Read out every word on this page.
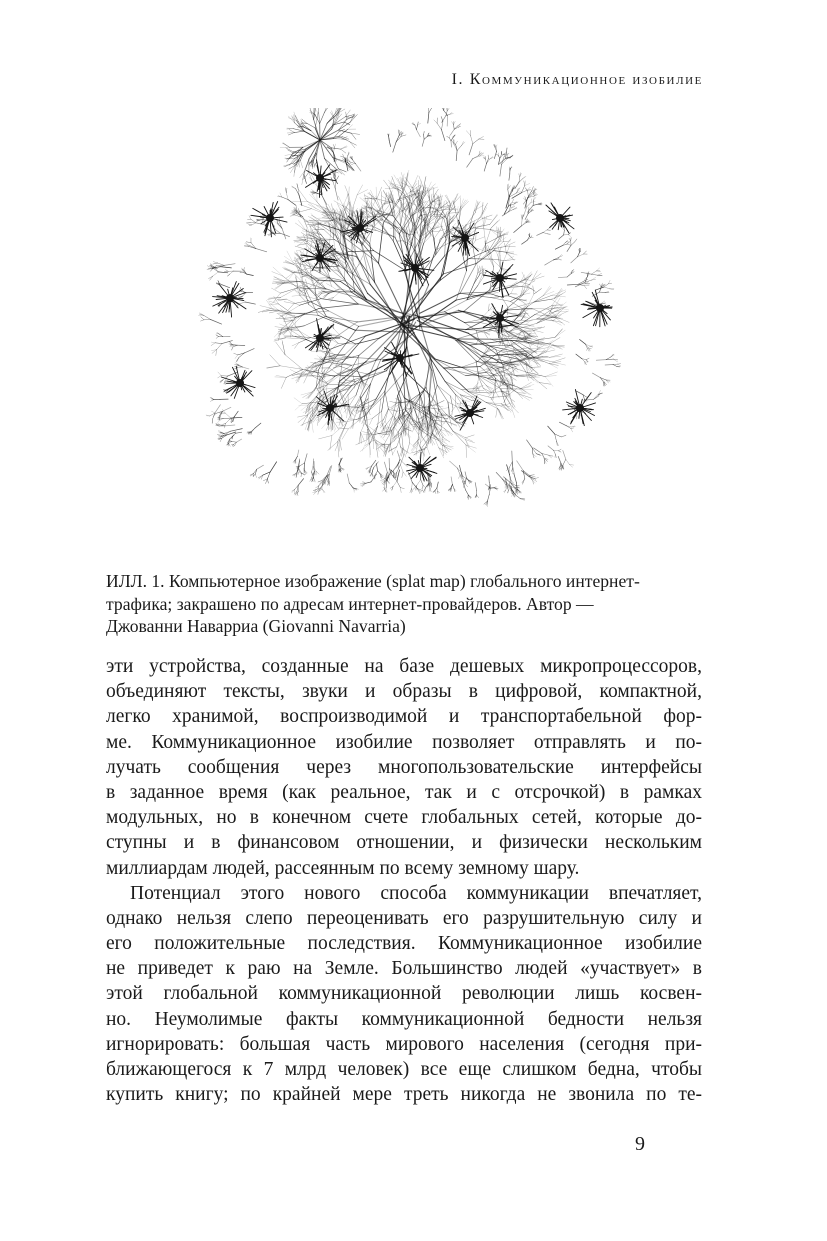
I. Коммуникационное изобилие

ИЛЛ. 1. Компьютерное изображение (splat map) глобального интернет-

трафика; закрашено по адресам интернет-провайдеров. Автор —

Джованни Наварриа (Giovanni Navarria)

эти устройства, созданные на базе дешевых микропроцессоров,

объединяют тексты, звуки и образы в цифровой, компактной,

легко хранимой, воспроизводимой и транспортабельной фор-

ме. Коммуникационное изобилие позволяет отправлять и по-

лучать сообщения через многопользовательские интерфейсы

в заданное время (как реальное, так и с отсрочкой) в рамках

модульных, но в конечном счете глобальных сетей, которые до-

ступны и в финансовом отношении, и физически нескольким

миллиардам людей, рассеянным по всему земному шару.

Потенциал этого нового способа коммуникации впечатляет,

однако нельзя слепо переоценивать его разрушительную силу и

его положительные последствия. Коммуникационное изобилие

не приведет к раю на Земле. Большинство людей «участвует» в

этой глобальной коммуникационной революции лишь косвен-

но. Неумолимые факты коммуникационной бедности нельзя

игнорировать: большая часть мирового населения (сегодня при-

ближающегося к 7 млрд человек) все еще слишком бедна, чтобы

купить книгу; по крайней мере треть никогда не звонила по те-

9
